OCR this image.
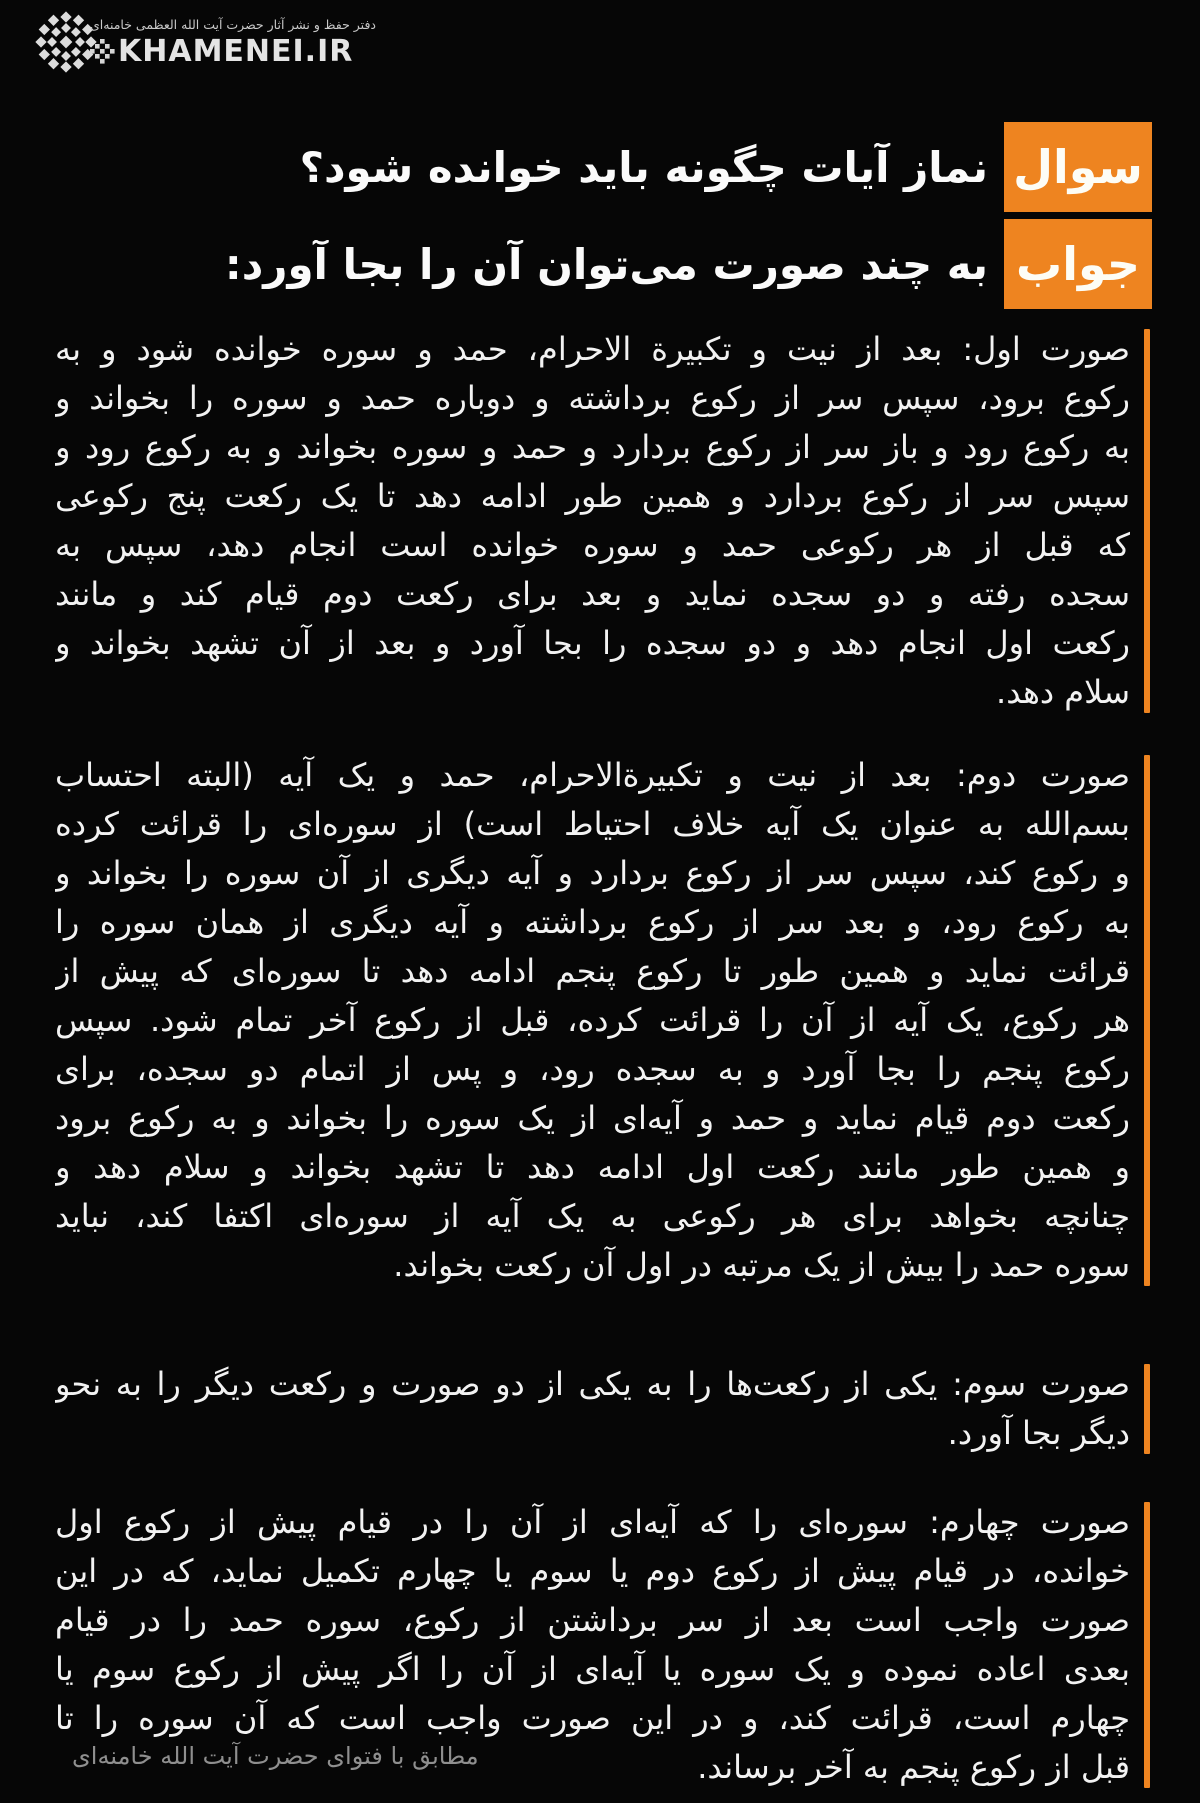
دفتر حفظ و نشر آثار حضرت آیت الله العظمی خامنه‌ای
KHAMENEI.IR
سوال
نماز آیات چگونه باید خوانده شود؟
جواب
به چند صورت می‌توان آن را بجا آورد:
صورت اول: بعد از نیت و تکبیرة الاحرام، حمد و سوره خوانده شود و به
رکوع برود، سپس سر از رکوع برداشته و دوباره حمد و سوره را بخواند و
به رکوع رود و باز سر از رکوع بردارد و حمد و سوره بخواند و به رکوع رود و
سپس سر از رکوع بردارد و همین طور ادامه دهد تا یک رکعت پنج رکوعی
که قبل از هر رکوعی حمد و سوره خوانده است انجام دهد، سپس به
سجده رفته و دو سجده نماید و بعد برای رکعت دوم قیام کند و مانند
رکعت اول انجام دهد و دو سجده را بجا آورد و بعد از آن تشهد بخواند و
سلام دهد.
صورت دوم: بعد از نیت و تکبیرةالاحرام، حمد و یک آیه (البته احتساب
بسم‌الله به عنوان یک آیه خلاف احتیاط است) از سوره‌ای را قرائت کرده
و رکوع کند، سپس سر از رکوع بردارد و آیه دیگری از آن سوره را بخواند و
به رکوع رود، و بعد سر از رکوع برداشته و آیه دیگری از همان سوره را
قرائت نماید و همین طور تا رکوع پنجم ادامه دهد تا سوره‌ای که پیش از
هر رکوع، یک آیه از آن را قرائت کرده، قبل از رکوع آخر تمام شود. سپس
رکوع پنجم را بجا آورد و به سجده رود، و پس از اتمام دو سجده، برای
رکعت دوم قیام نماید و حمد و آیه‌ای از یک سوره را بخواند و به رکوع برود
و همین طور مانند رکعت اول ادامه دهد تا تشهد بخواند و سلام دهد و
چنانچه بخواهد برای هر رکوعی به یک آیه از سوره‌ای اکتفا کند، نباید
سوره حمد را بیش از یک مرتبه در اول آن رکعت بخواند.
صورت سوم: یکی از رکعت‌ها را به یکی از دو صورت و رکعت دیگر را به نحو
دیگر بجا آورد.
صورت چهارم: سوره‌ای را که آیه‌ای از آن را در قیام پیش از رکوع اول
خوانده، در قیام پیش از رکوع دوم یا سوم یا چهارم تکمیل نماید، که در این
صورت واجب است بعد از سر برداشتن از رکوع، سوره حمد را در قیام
بعدی اعاده نموده و یک سوره یا آیه‌ای از آن را اگر پیش از رکوع سوم یا
چهارم است، قرائت کند، و در این صورت واجب است که آن سوره را تا
قبل از رکوع پنجم به آخر برساند.
مطابق با فتوای حضرت آیت الله خامنه‌ای
